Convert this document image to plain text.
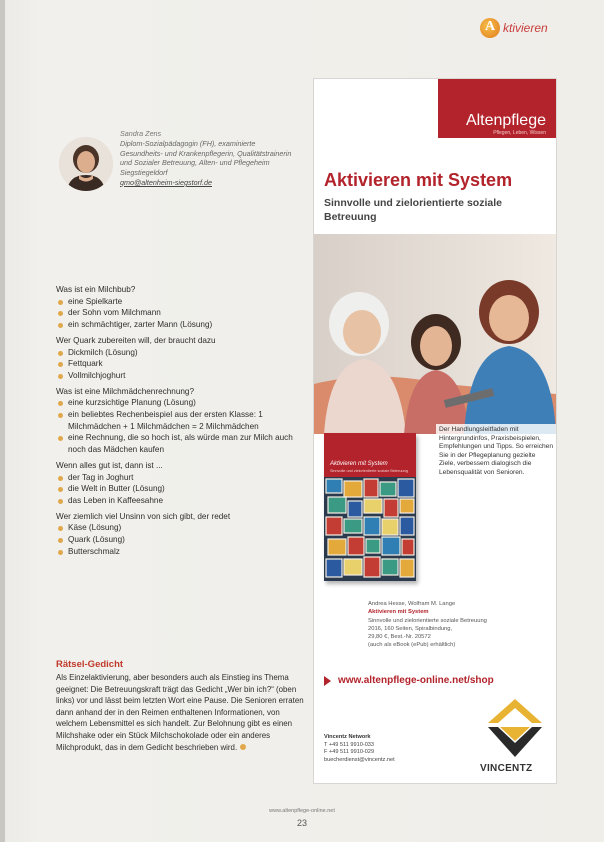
A ktivieren
Sandra Zens
Diplom-Sozialpädagogin (FH), examinierte Gesundheits- und Krankenpflegerin, Qualitätstrainerin und Sozialer Betreuung, Alten- und Pflegeheim Siegstiegeldorf
qmo@altenheim-siegstorf.de

Was ist ein Milchbub?

eine Spielkarte

der Sohn vom Milchmann

ein schmächtiger, zarter Mann (Lösung)

Wer Quark zubereiten will, der braucht dazu

Dickmilch (Lösung)

Fettquark

Vollmilchjoghurt

Was ist eine Milchmädchenrechnung?

eine kurzsichtige Planung (Lösung)

ein beliebtes Rechenbeispiel aus der ersten Klasse: 1 Milchmädchen + 1 Milchmädchen = 2 Milchmädchen

eine Rechnung, die so hoch ist, als würde man zur Milch auch noch das Mädchen kaufen

Wenn alles gut ist, dann ist ...

der Tag in Joghurt

die Welt in Butter (Lösung)

das Leben in Kaffeesahne

Wer ziemlich viel Unsinn von sich gibt, der redet

Käse (Lösung)

Quark (Lösung)

Butterschmalz

Rätsel-Gedicht
Als Einzelaktivierung, aber besonders auch als Einstieg ins Thema geeignet: Die Betreuungskraft trägt das Gedicht „Wer bin ich?“ (oben links) vor und lässt beim letzten Wort eine Pause. Die Senioren erraten dann anhand der in den Reimen enthaltenen Informationen, von welchem Lebensmittel es sich handelt. Zur Belohnung gibt es einen Milchshake oder ein Stück Milchschokolade oder ein anderes Milchprodukt, das in dem Gedicht beschrieben wird.
Altenpflege
Pflegen, Leben, Wissen
Aktivieren mit System
Sinnvolle und zielorientierte soziale Betreuung
Der Handlungsleitfaden mit Hintergrundinfos, Praxisbeispielen, Empfehlungen und Tipps. So erreichen Sie in der Pflegeplanung gezielte Ziele, verbessern dialogisch die Lebensqualität von Senioren.
Aktivieren mit System
Sinnvolle und zielorientierte soziale Betreuung
Andrea Hesse, Wolfram M. Lange
Aktivieren mit System
Sinnvolle und zielorientierte soziale Betreuung
2016, 160 Seiten, Spiralbindung,
29,80 €, Best.-Nr. 20572
(auch als eBook (ePub) erhältlich)
www.altenpflege-online.net/shop
Vincentz Network
T +49 511 9910-033
F +49 511 9910-029
buecherdienst@vincentz.net
VINCENTZ
www.altenpflege-online.net
23
